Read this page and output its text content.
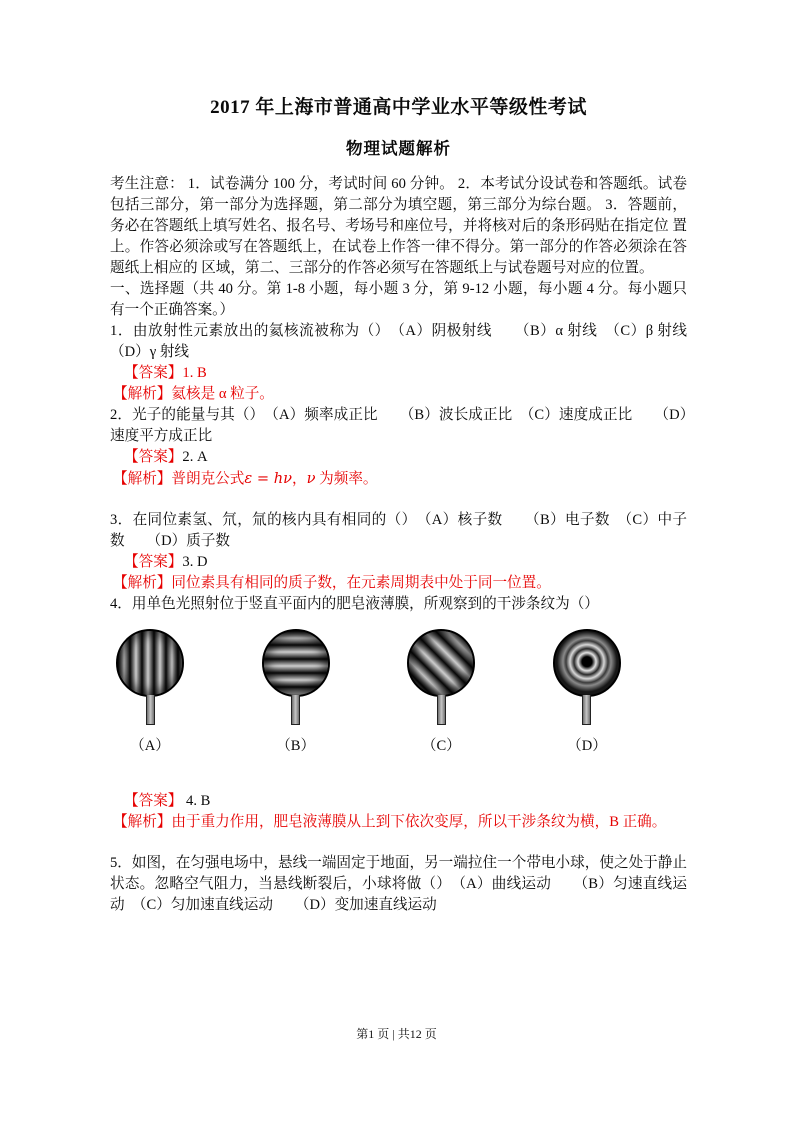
2017 年上海市普通高中学业水平等级性考试
物理试题解析

考生注意： 1．试卷满分 100 分，考试时间 60 分钟。 2．本考试分设试卷和答题纸。试卷包括三部分，第一部分为选择题，第二部分为填空题，第三部分为综台题。 3．答题前，务必在答题纸上填写姓名、报名号、考场号和座位号，并将核对后的条形码贴在指定位 置上。作答必须涂或写在答题纸上，在试卷上作答一律不得分。第一部分的作答必须涂在答题纸上相应的 区域，第二、三部分的作答必须写在答题纸上与试卷题号对应的位置。

一、选择题（共 40 分。第 1-8 小题，每小题 3 分，第 9-12 小题，每小题 4 分。每小题只有一个正确答案。）

1．由放射性元素放出的氦核流被称为（）　（A）阴极射线　　（B）α 射线　（C）β 射线　　（D）γ 射线

【答案】1. B
【解析】氦核是 α 粒子。

2．光子的能量与其（）　（A）频率成正比　　（B）波长成正比　（C）速度成正比　　（D）速度平方成正比

【答案】2. A
【解析】普朗克公式ε = hν，ν 为频率。

3．在同位素氢、氘，氚的核内具有相同的（）　（A）核子数　　（B）电子数　（C）中子数　　（D）质子数

【答案】3. D
【解析】同位素具有相同的质子数，在元素周期表中处于同一位置。

4．用单色光照射位于竖直平面内的肥皂液薄膜，所观察到的干涉条纹为（）

（A）	（B）	（C）	（D）
【答案】 4. B
【解析】由于重力作用，肥皂液薄膜从上到下依次变厚，所以干涉条纹为横，B 正确。

5．如图，在匀强电场中，悬线一端固定于地面，另一端拉住一个带电小球，使之处于静止状态。忽略空气阻力，当悬线断裂后，小球将做（）　（A）曲线运动　　（B）匀速直线运动　（C）匀加速直线运动　　（D）变加速直线运动

第1 页 | 共12 页
